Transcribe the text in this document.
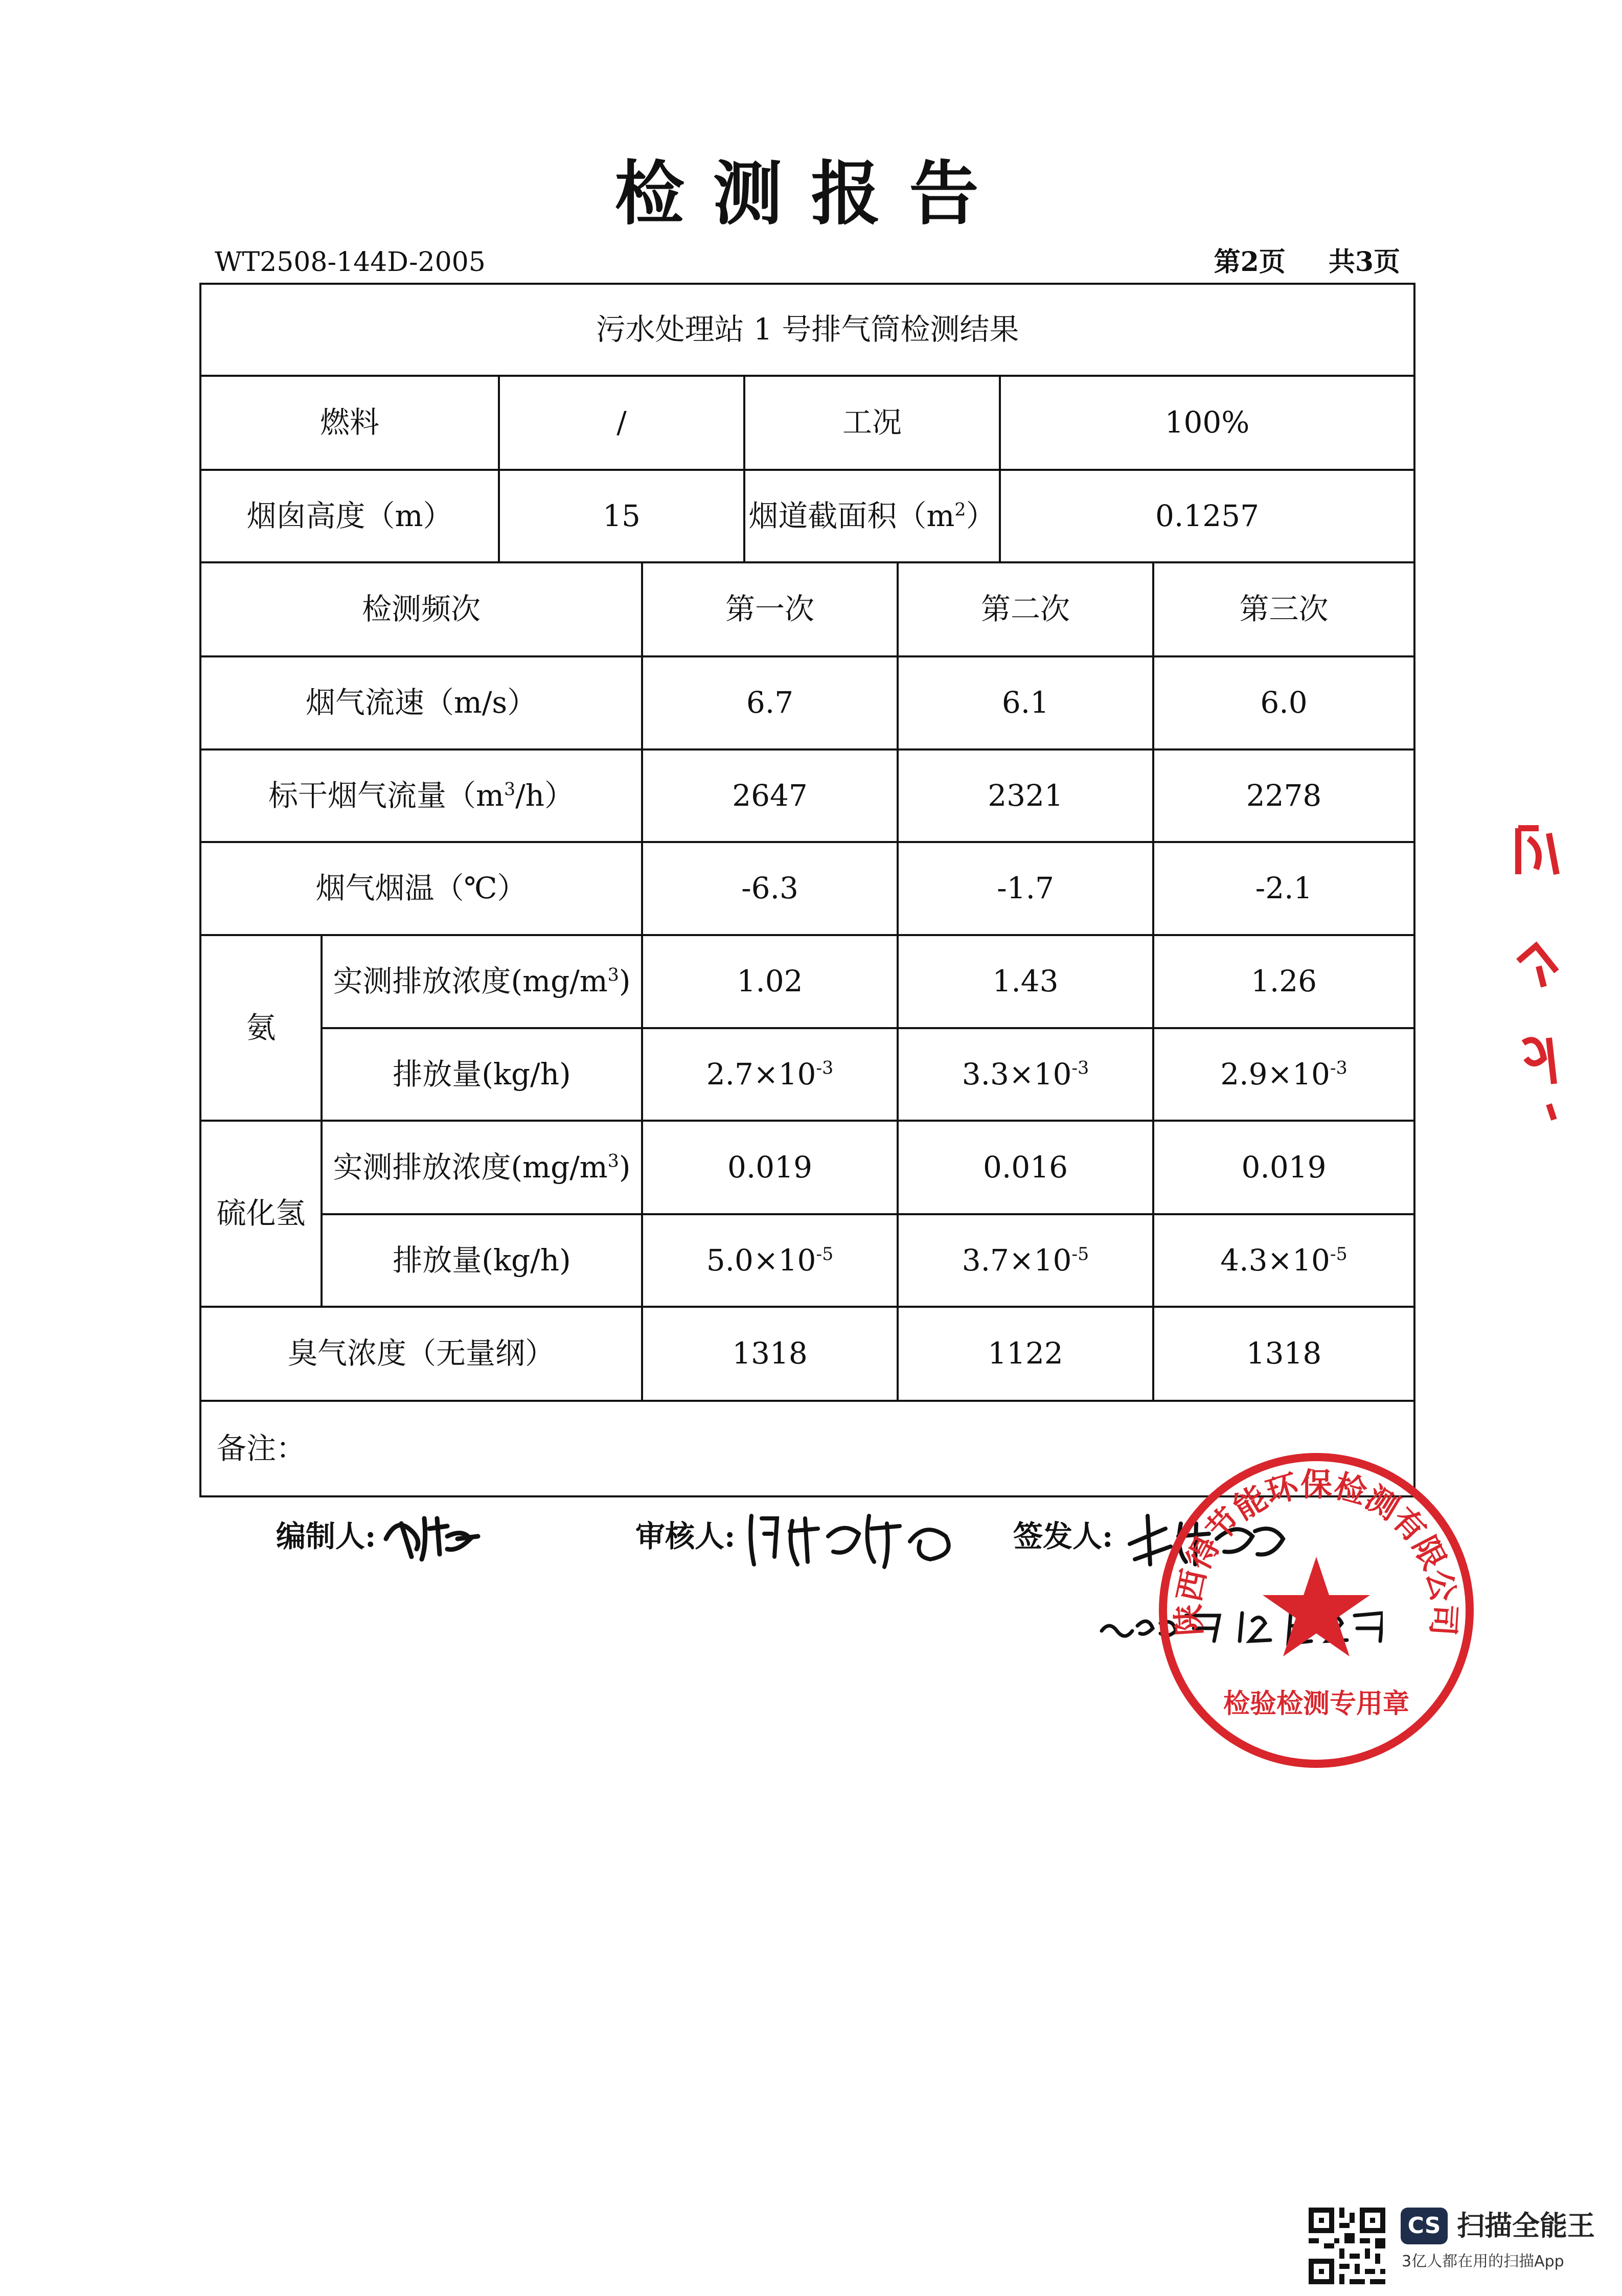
检测报告
WT2508-144D-2005	第2页 共3页
污水处理站 1 号排气筒检测结果							
燃料		/		工况		100%	
烟囱高度（m）		15		烟道截面积$(m^2)$		0.1257	
检测频次			第一次		第二次		第三次
烟气流速（m/s）			6.7		6.1		6.0
标干烟气流量$(m^3/h)$			2647		2321		2278
烟气烟温（℃）			-6.3		-1.7		-2.1
氨	实测排放浓度$(mg/m^3)$		1.02		1.43		1.26
	排放量(kg/h)		$2.7\times 10^{-3}$		$3.3\times 10^{-3}$		$2.9\times 10^{-3}$
硫化氢	实测排放浓度$(mg/m^3)$		0.019		0.016		0.019
	排放量(kg/h)		$5.0\times 10^{-5}$		$3.7\times 10^{-5}$		$4.3\times 10^{-5}$
臭气浓度（无量纲）			1318		1122		1318
备注：							
编制人:	审核人:	签发人:
陕西得节能环保检测有限公司
检验检测专用章
CS 扫描全能王
3亿人都在用的扫描App
